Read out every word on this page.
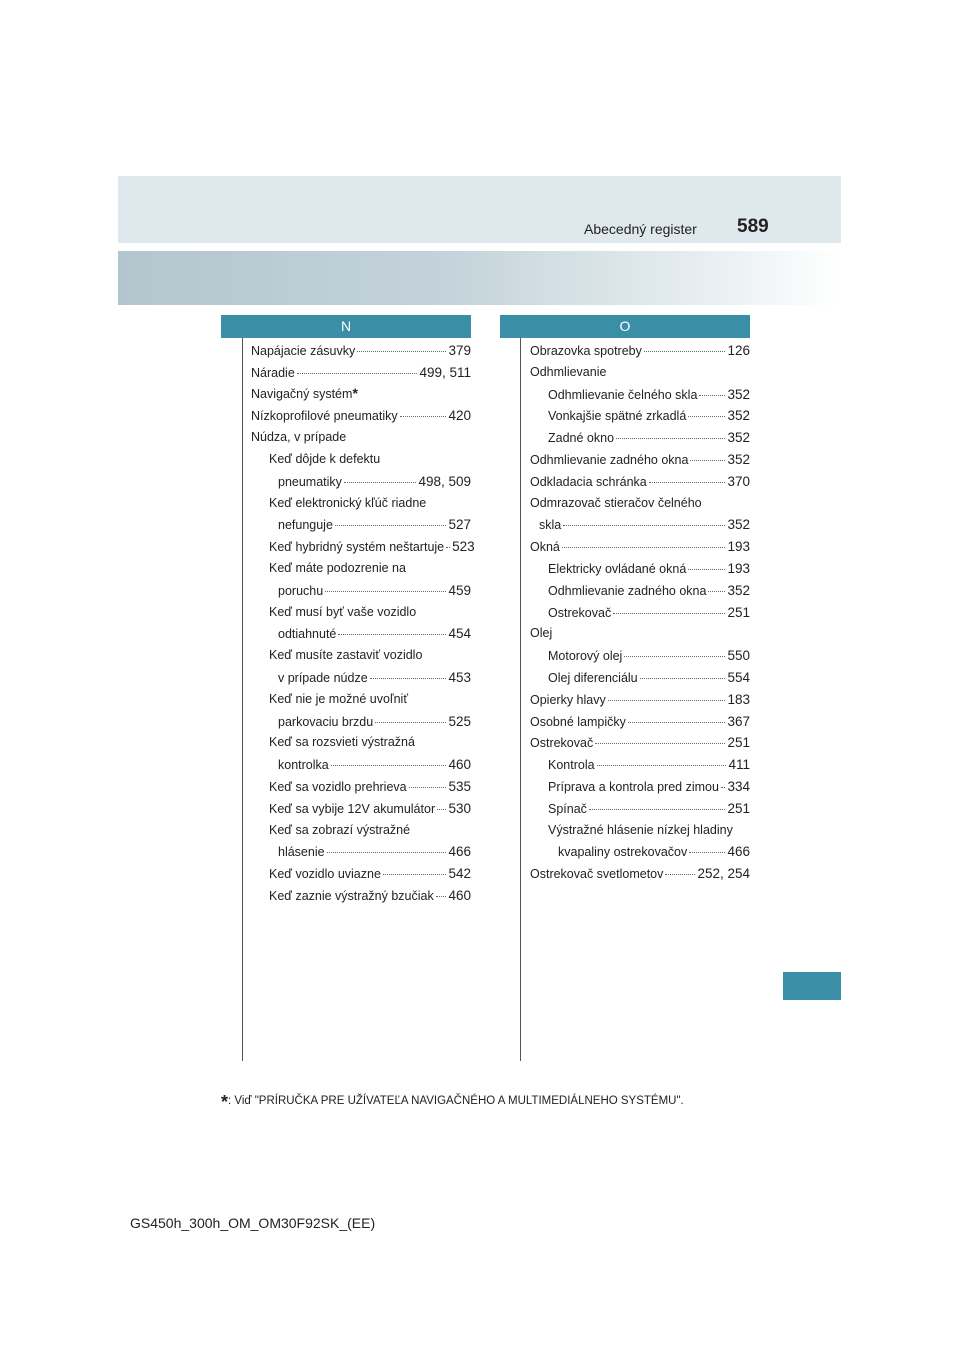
Abecedný register 589
N	O
Napájacie zásuvky	379
Náradie	499, 511
Navigačný systém *
Nízkoprofilové pneumatiky	420
Núdza, v prípade
Keď dôjde k defektu
pneumatiky	498, 509
Keď elektronický kľúč riadne
nefunguje	527
Keď hybridný systém neštartuje 523
Keď máte podozrenie na
poruchu	459
Keď musí byť vaše vozidlo
odtiahnuté	454
Keď musíte zastaviť vozidlo
v prípade núdze	453
Keď nie je možné uvoľniť
parkovaciu brzdu	525
Keď sa rozsvieti výstražná
kontrolka	460
Keď sa vozidlo prehrieva	535
Keď sa vybije 12V akumulátor 530
Keď sa zobrazí výstražné
hlásenie	466
Keď vozidlo uviazne	542
Keď zaznie výstražný bzučiak 460
Obrazovka spotreby	126
Odhmlievanie
Odhmlievanie čelného skla 352
Vonkajšie spätné zrkadlá	352
Zadné okno	352
Odhmlievanie zadného okna	352
Odkladacia schránka	370
Odmrazovač stieračov čelného
skla	352
Okná	193
Elektricky ovládané okná	193
Odhmlievanie zadného okna 352
Ostrekovač	251
Olej
Motorový olej	550
Olej diferenciálu	554
Opierky hlavy	183
Osobné lampičky	367
Ostrekovač	251
Kontrola	411
Príprava a kontrola pred zimou 334
Spínač	251
Výstražné hlásenie nízkej hladiny
kvapaliny ostrekovačov	466
Ostrekovač svetlometov	252, 254
*: Viď "PRÍRUČKA PRE UŽÍVATEĽA NAVIGAČNÉHO A MULTIMEDIÁLNEHO SYSTÉMU".
GS450h_300h_OM_OM30F92SK_(EE)
